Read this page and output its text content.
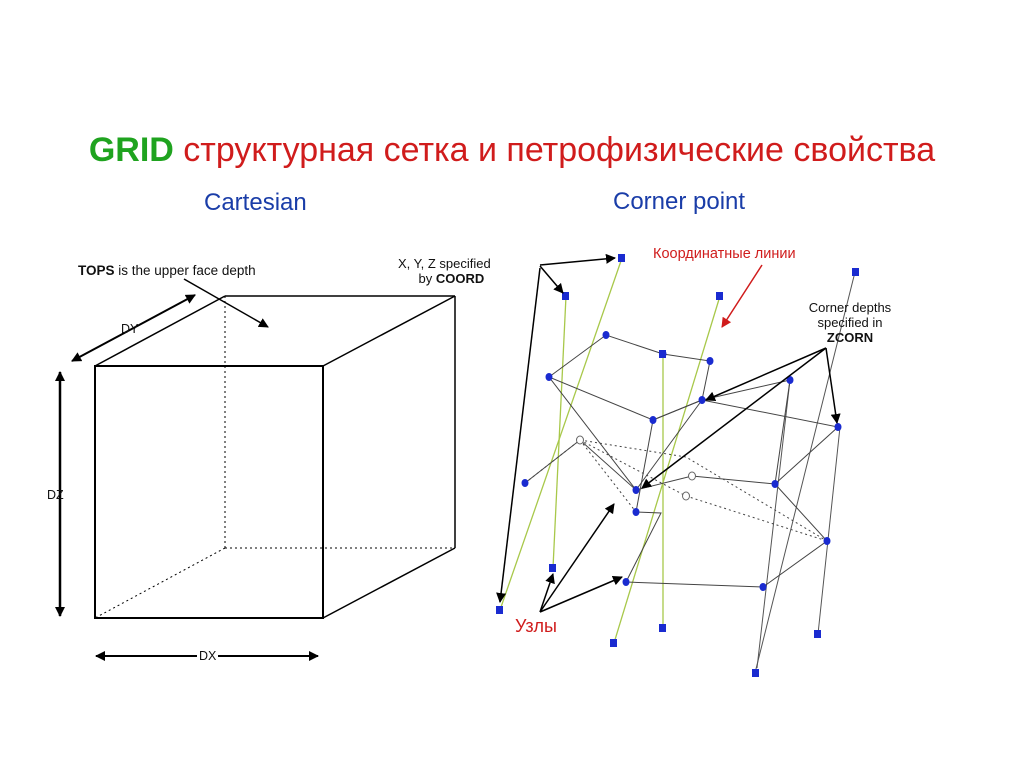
GRID структурная сетка и петрофизические свойства
Cartesian	Corner point
TOPS is the upper face depth
DY
DZ
DX
X, Y, Z specified
by COORD
Координатные линии
Corner depths
specified in
ZCORN
Узлы
